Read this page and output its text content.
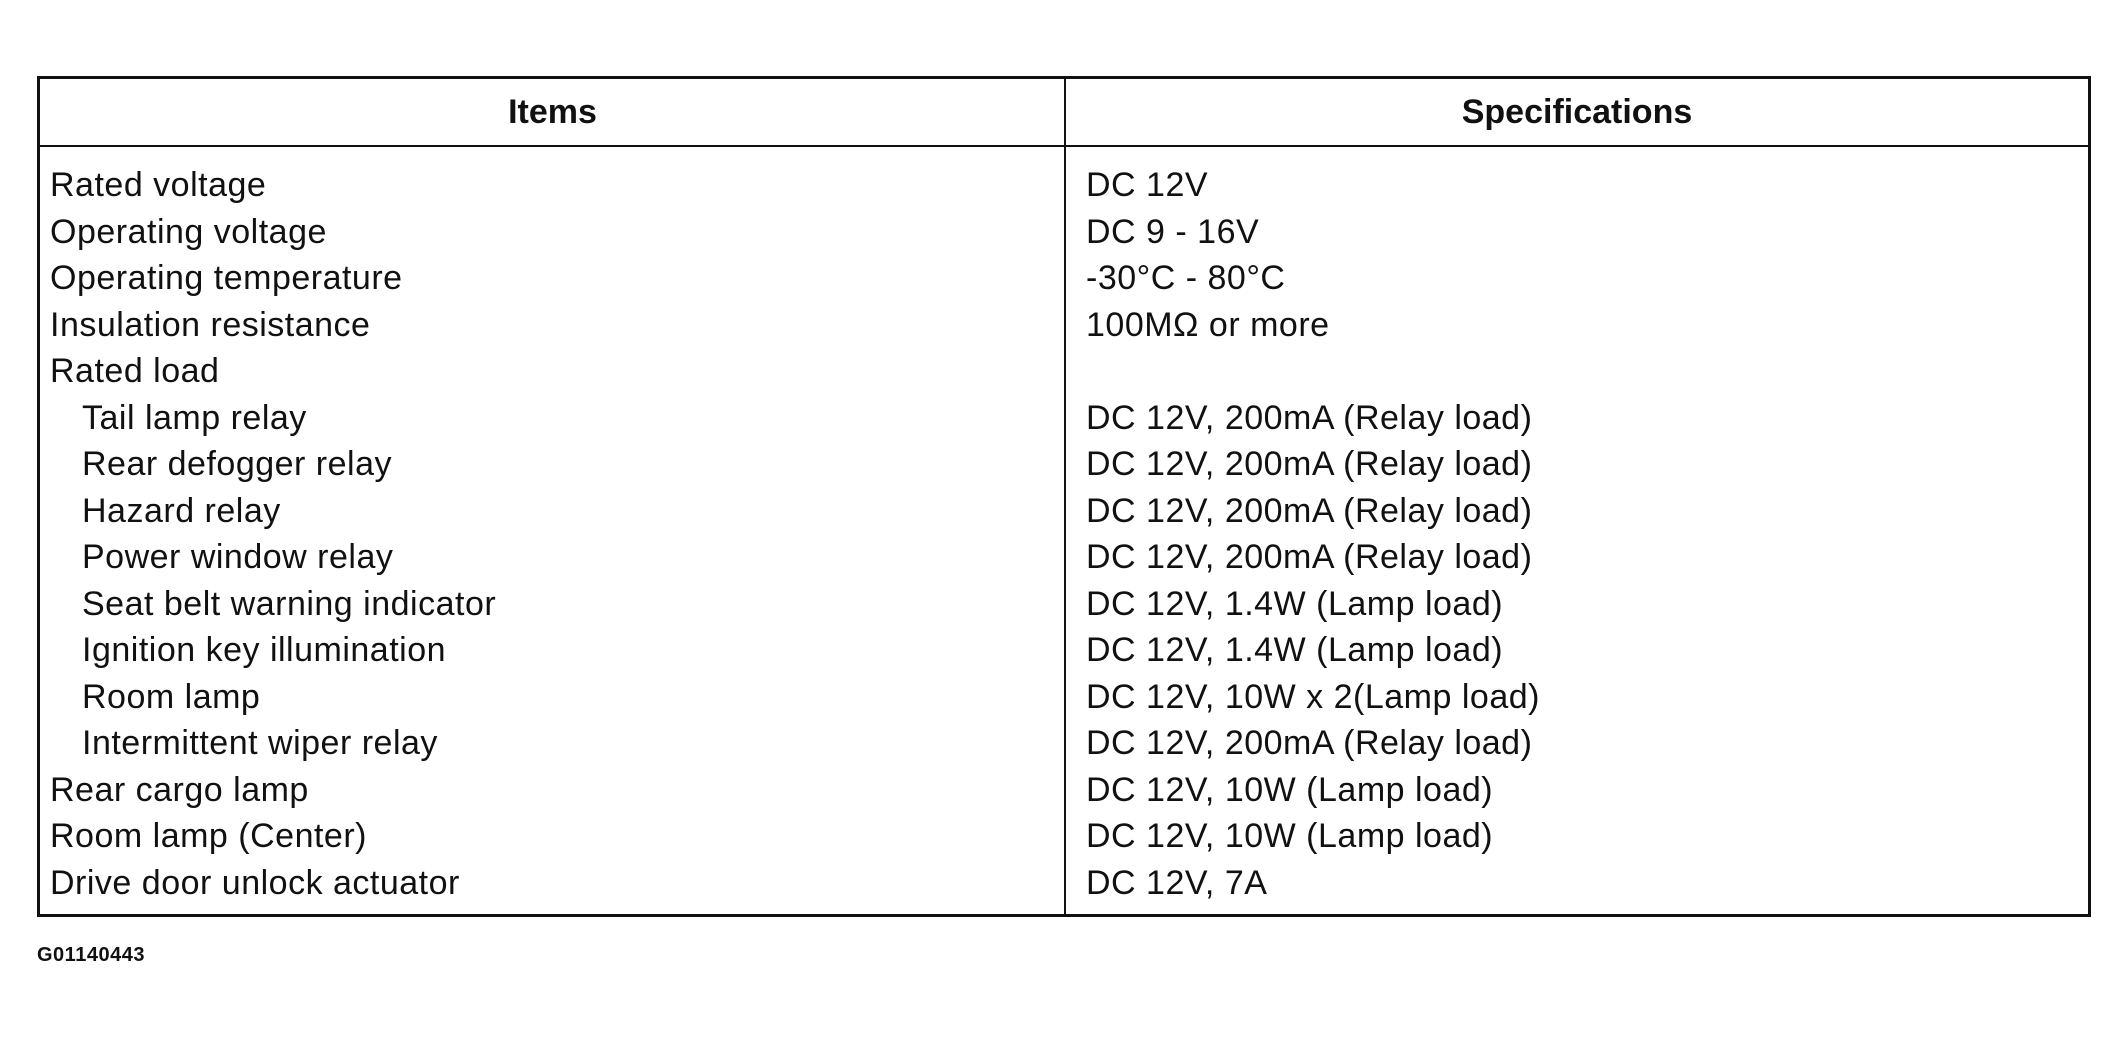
Items	Specifications
Rated voltage	DC 12V
Operating voltage	DC 9 - 16V
Operating temperature	-30°C - 80°C
Insulation resistance	100MΩ or more
Rated load
Tail lamp relay	DC 12V, 200mA (Relay load)
Rear defogger relay	DC 12V, 200mA (Relay load)
Hazard relay	DC 12V, 200mA (Relay load)
Power window relay	DC 12V, 200mA (Relay load)
Seat belt warning indicator	DC 12V, 1.4W (Lamp load)
Ignition key illumination	DC 12V, 1.4W (Lamp load)
Room lamp	DC 12V, 10W x 2(Lamp load)
Intermittent wiper relay	DC 12V, 200mA (Relay load)
Rear cargo lamp	DC 12V, 10W (Lamp load)
Room lamp (Center)	DC 12V, 10W (Lamp load)
Drive door unlock actuator	DC 12V, 7A
G01140443
